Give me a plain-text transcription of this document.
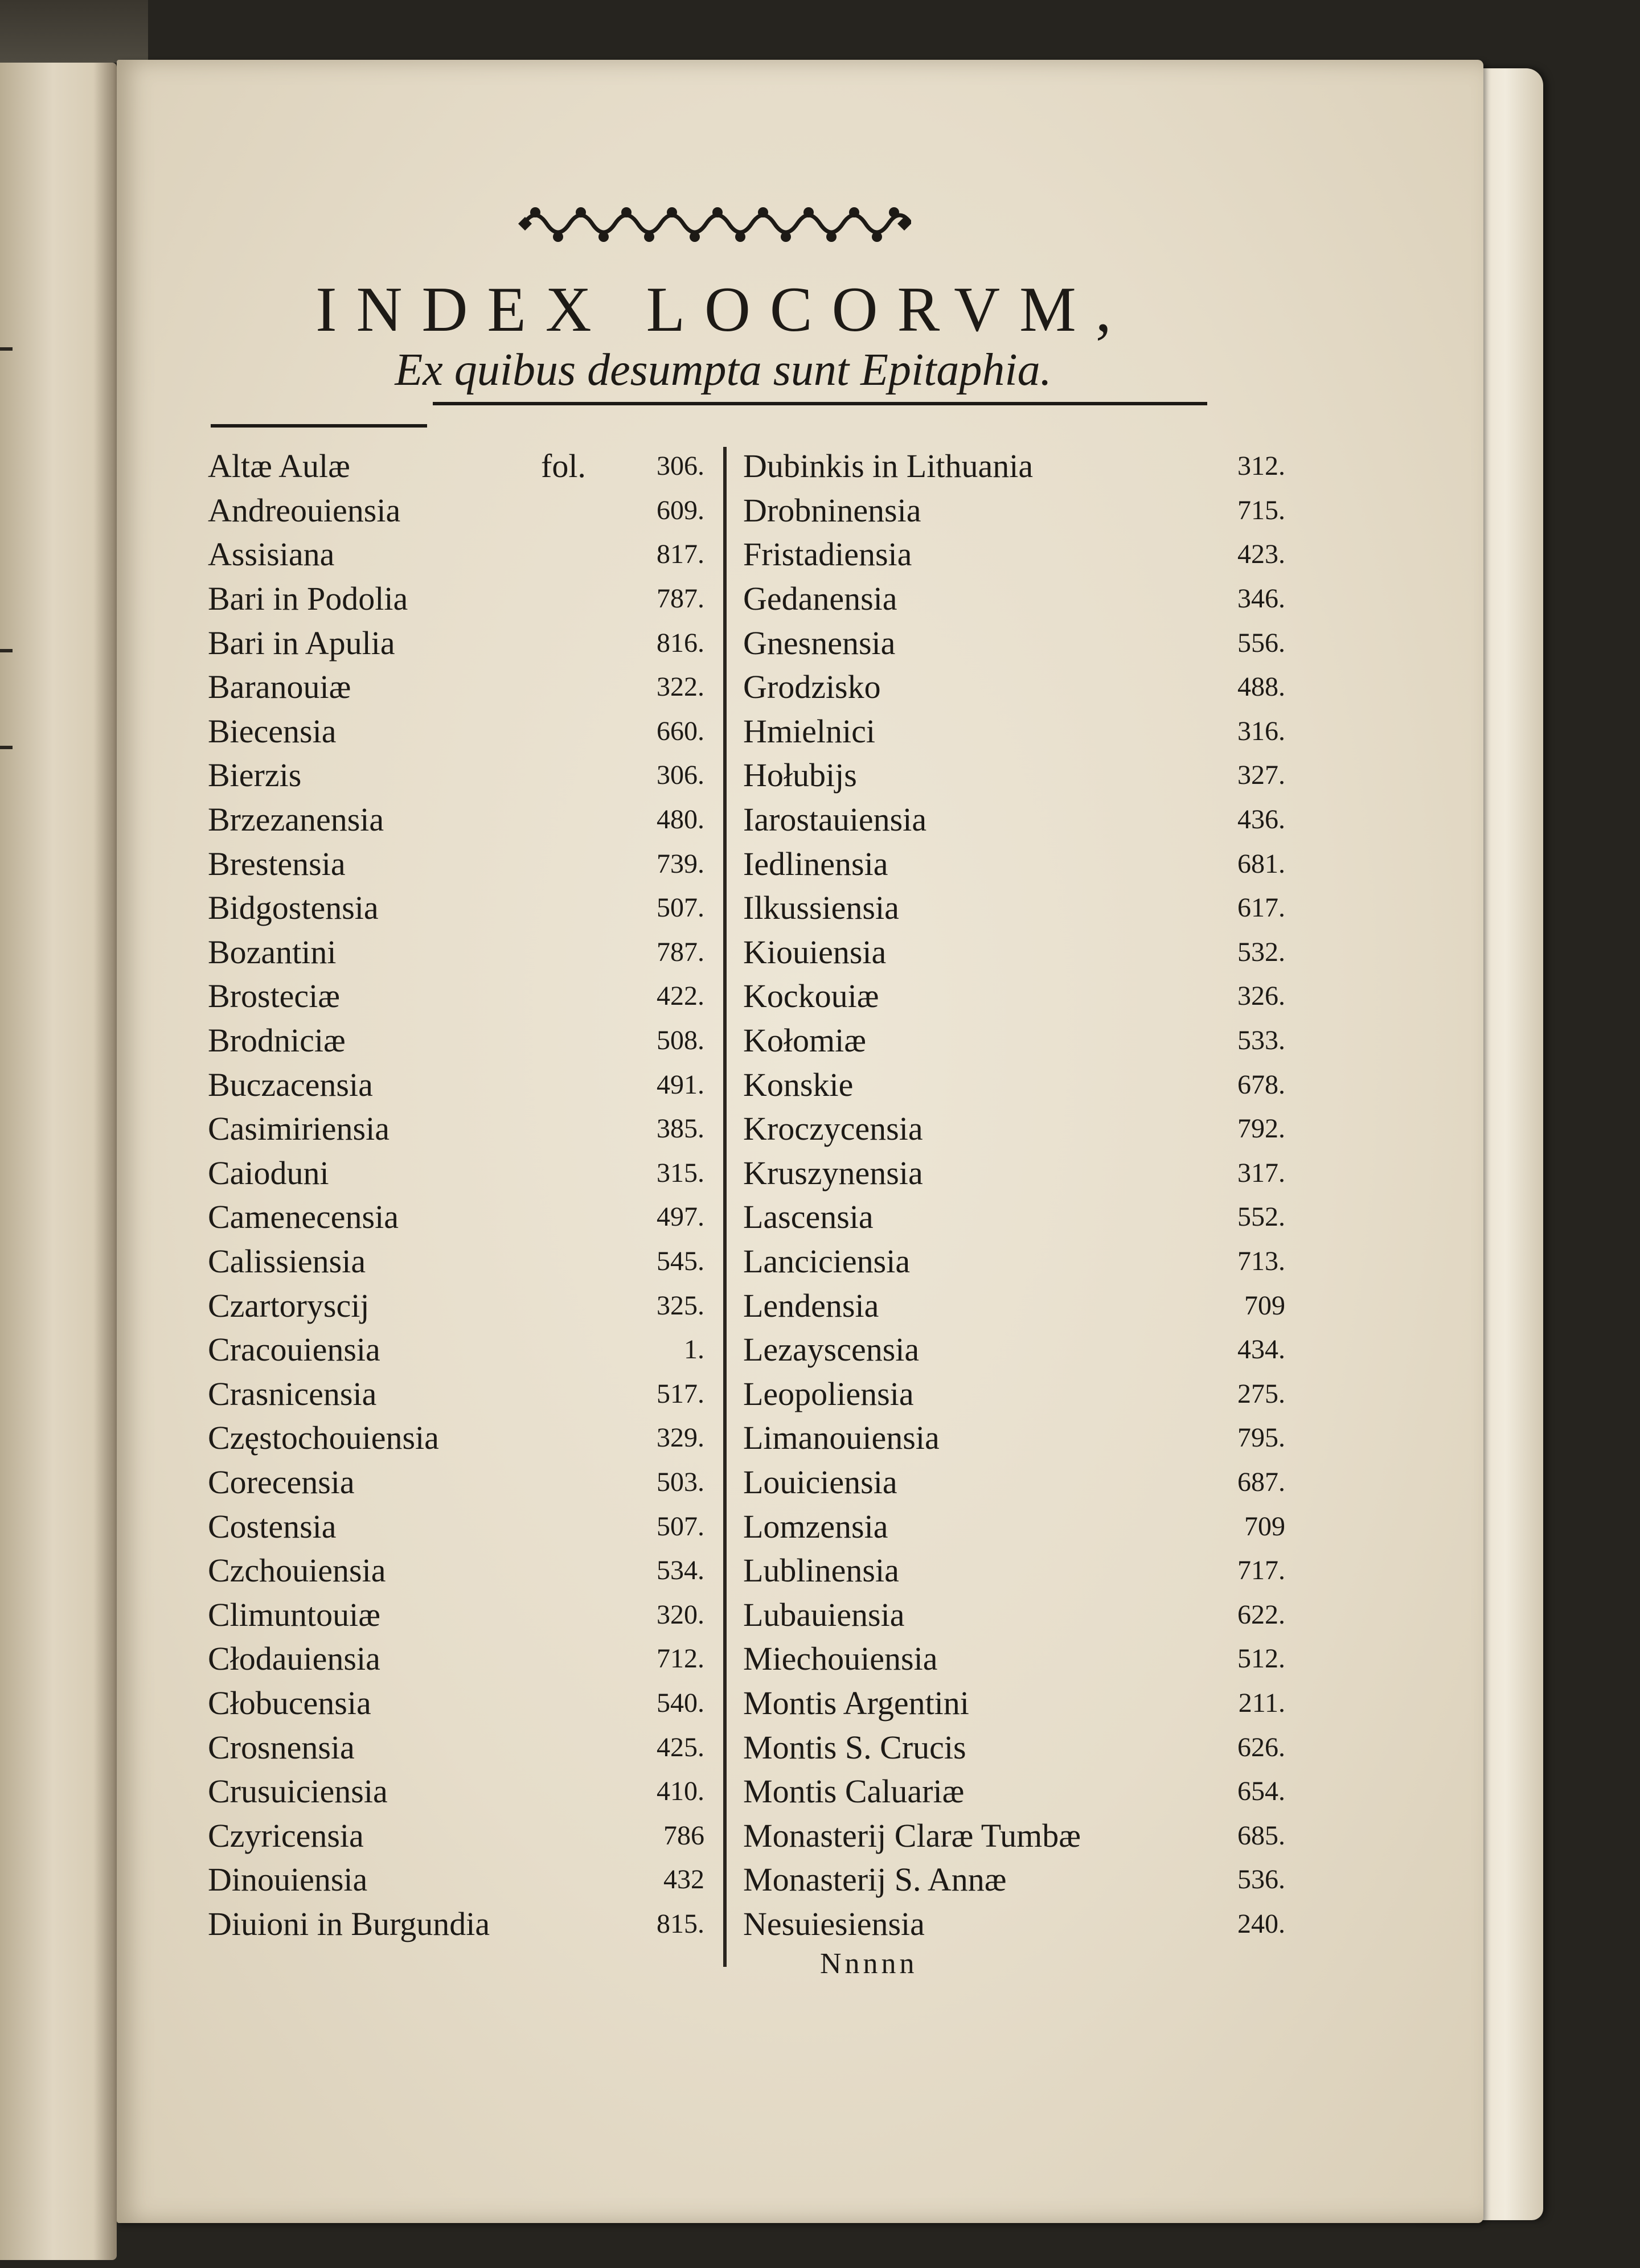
INDEX LOCORVM,
Ex quibus desumpta sunt Epitaphia.
Altæ Aulæ	fol.	306.
Andreouiensia	609.
Assisiana	817.
Bari in Podolia	787.
Bari in Apulia	816.
Baranouiæ	322.
Biecensia	660.
Bierzis	306.
Brzezanensia	480.
Brestensia	739.
Bidgostensia	507.
Bozantini	787.
Brosteciæ	422.
Brodniciæ	508.
Buczacensia	491.
Casimiriensia	385.
Caioduni	315.
Camenecensia	497.
Calissiensia	545.
Czartoryscij	325.
Cracouiensia	1.
Crasnicensia	517.
Częstochouiensia	329.
Corecensia	503.
Costensia	507.
Czchouiensia	534.
Climuntouiæ	320.
Cłodauiensia	712.
Cłobucensia	540.
Crosnensia	425.
Crusuiciensia	410.
Czyricensia	786
Dinouiensia	432
Diuioni in Burgundia	815.
Dubinkis in Lithuania	312.
Drobninensia	715.
Fristadiensia	423.
Gedanensia	346.
Gnesnensia	556.
Grodzisko	488.
Hmielnici	316.
Hołubijs	327.
Iarostauiensia	436.
Iedlinensia	681.
Ilkussiensia	617.
Kiouiensia	532.
Kockouiæ	326.
Kołomiæ	533.
Konskie	678.
Kroczycensia	792.
Kruszynensia	317.
Lascensia	552.
Lanciciensia	713.
Lendensia	709
Lezayscensia	434.
Leopoliensia	275.
Limanouiensia	795.
Louiciensia	687.
Lomzensia	709
Lublinensia	717.
Lubauiensia	622.
Miechouiensia	512.
Montis Argentini	211.
Montis S. Crucis	626.
Montis Caluariæ	654.
Monasterij Claræ Tumbæ	685.
Monasterij S. Annæ	536.
Nesuiesiensia	240.
Nnnnn
